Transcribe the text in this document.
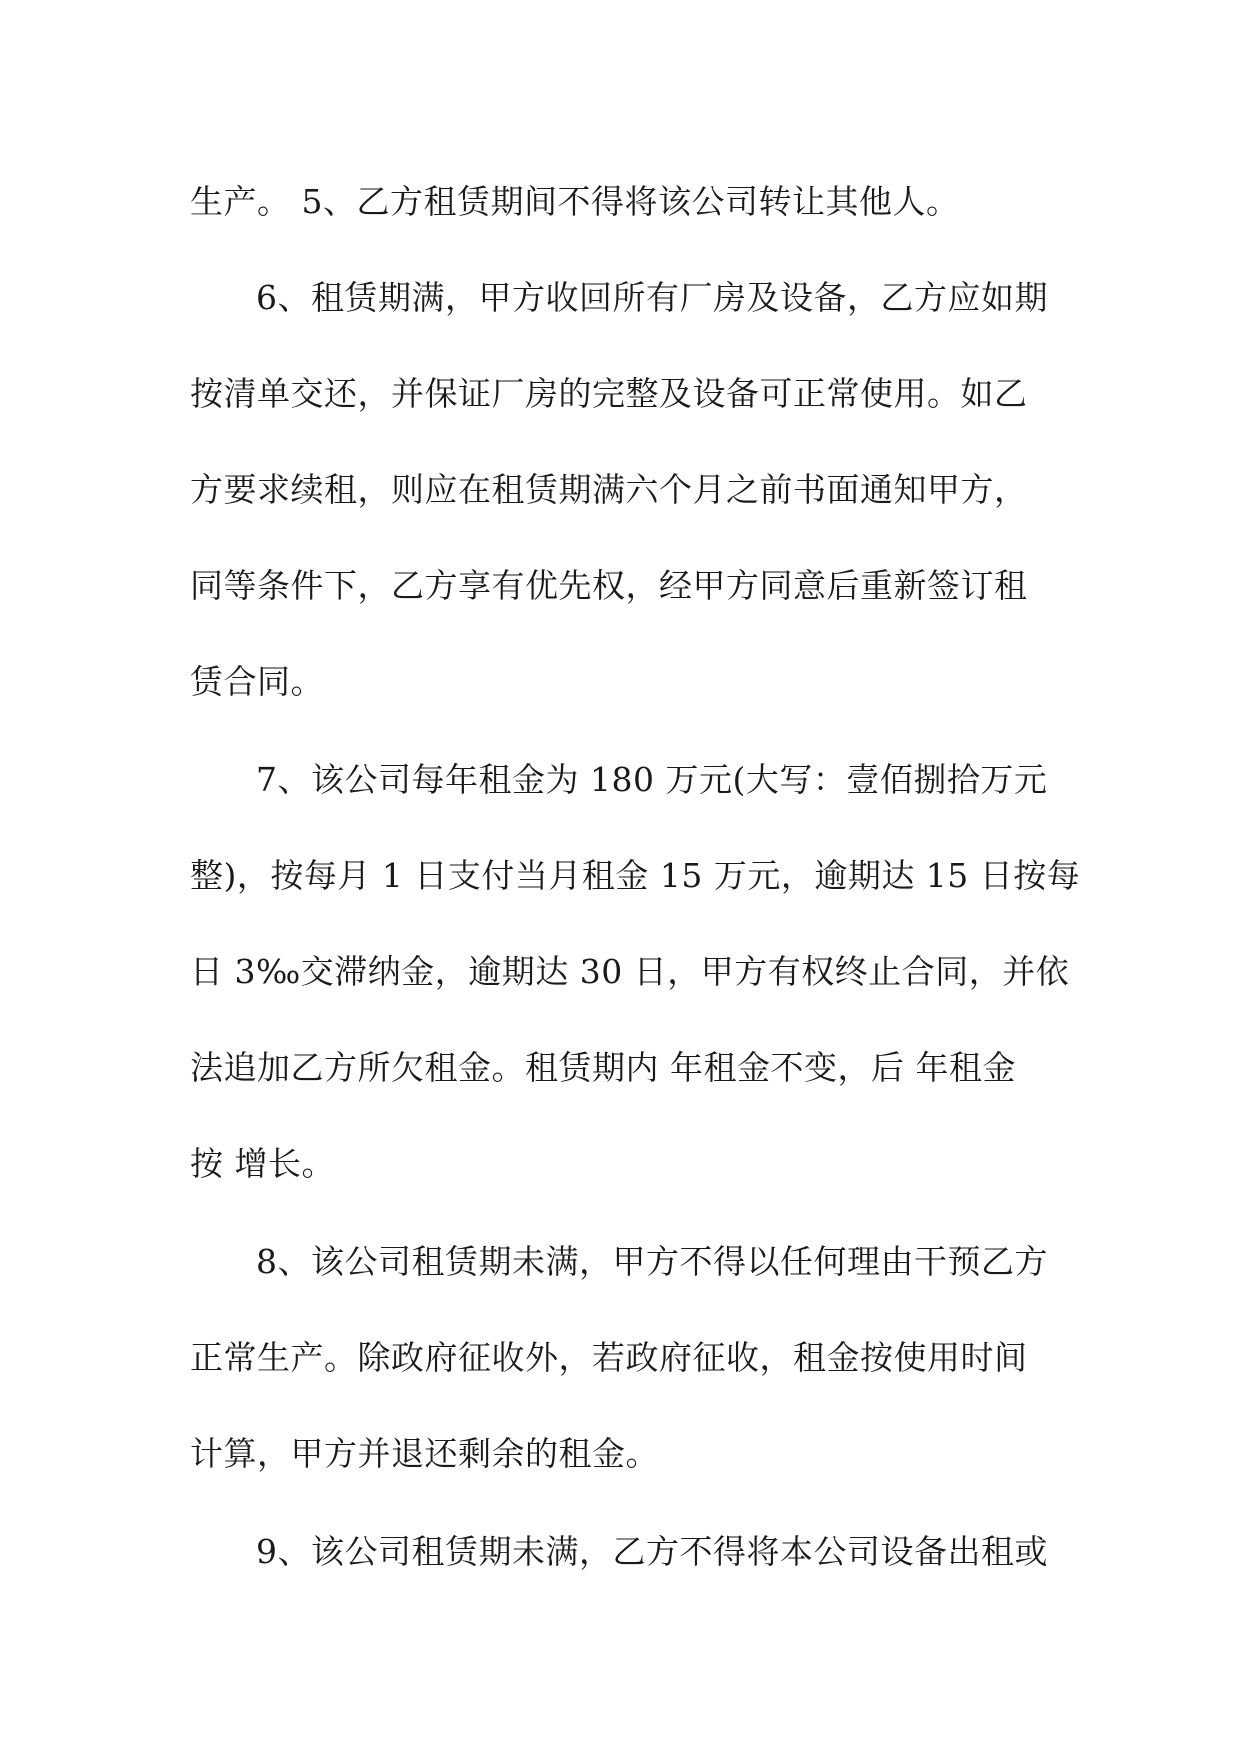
生产。 5、乙方租赁期间不得将该公司转让其他人。
6、租赁期满，甲方收回所有厂房及设备，乙方应如期
按清单交还，并保证厂房的完整及设备可正常使用。如乙
方要求续租，则应在租赁期满六个月之前书面通知甲方，
同等条件下，乙方享有优先权，经甲方同意后重新签订租
赁合同。
7、该公司每年租金为 180 万元(大写：壹佰捌拾万元
整)，按每月 1 日支付当月租金 15 万元，逾期达 15 日按每
日 3‰交滞纳金，逾期达 30 日，甲方有权终止合同，并依
法追加乙方所欠租金。租赁期内 年租金不变，后 年租金
按 增长。
8、该公司租赁期未满，甲方不得以任何理由干预乙方
正常生产。除政府征收外，若政府征收，租金按使用时间
计算，甲方并退还剩余的租金。
9、该公司租赁期未满，乙方不得将本公司设备出租或
